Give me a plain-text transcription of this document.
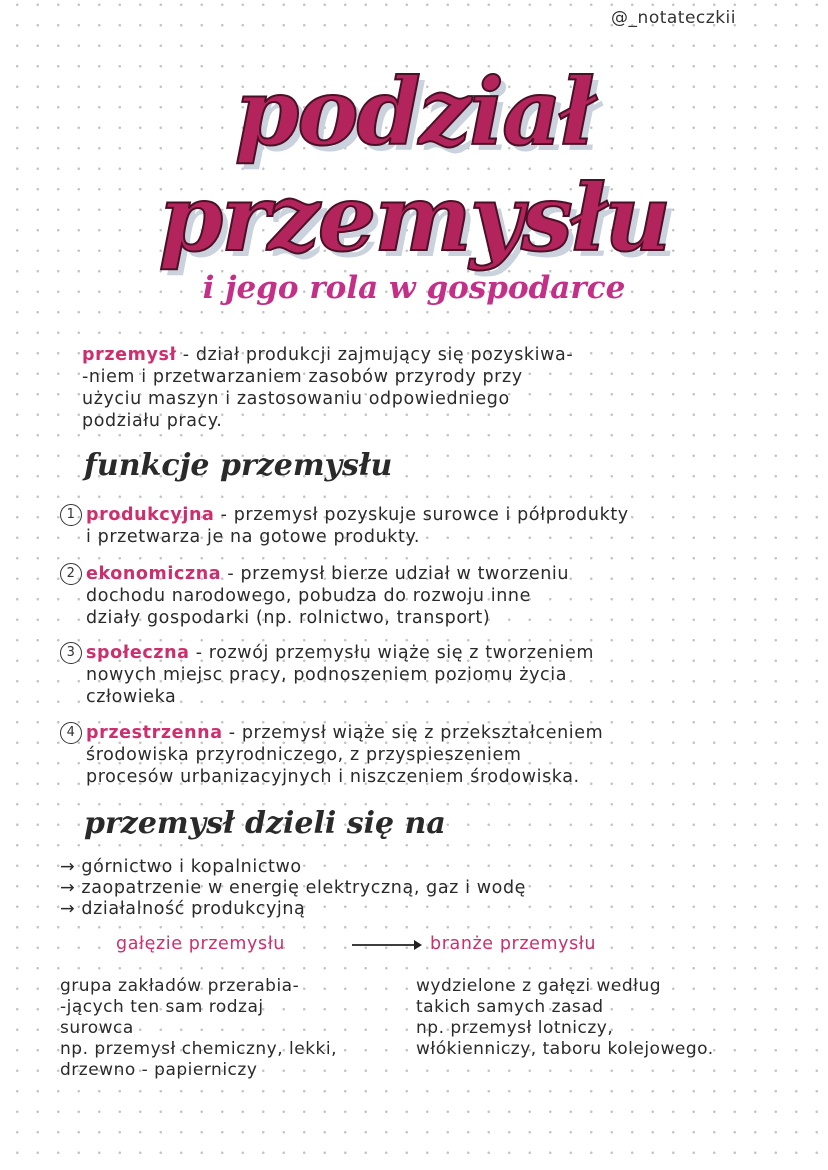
@_notateczkii
podział
przemysłu
i jego rola w gospodarce
przemysł - dział produkcji zajmujący się pozyskiwa-
-niem i przetwarzaniem zasobów przyrody przy
użyciu maszyn i zastosowaniu odpowiedniego
podziału pracy.
funkcje przemysłu
1 produkcyjna - przemysł pozyskuje surowce i półprodukty
i przetwarza je na gotowe produkty.
2 ekonomiczna - przemysł bierze udział w tworzeniu
dochodu narodowego, pobudza do rozwoju inne
działy gospodarki (np. rolnictwo, transport)
3 społeczna - rozwój przemysłu wiąże się z tworzeniem
nowych miejsc pracy, podnoszeniem poziomu życia
człowieka
4 przestrzenna - przemysł wiąże się z przekształceniem
środowiska przyrodniczego, z przyspieszeniem
procesów urbanizacyjnych i niszczeniem środowiska.
przemysł dzieli się na
→ górnictwo i kopalnictwo
→ zaopatrzenie w energię elektryczną, gaz i wodę
→ działalność produkcyjną
gałęzie przemysłu	branże przemysłu
grupa zakładów przerabia-
-jących ten sam rodzaj
surowca
np. przemysł chemiczny, lekki,
drzewno - papierniczy
wydzielone z gałęzi według
takich samych zasad
np. przemysł lotniczy,
włókienniczy, taboru kolejowego.
